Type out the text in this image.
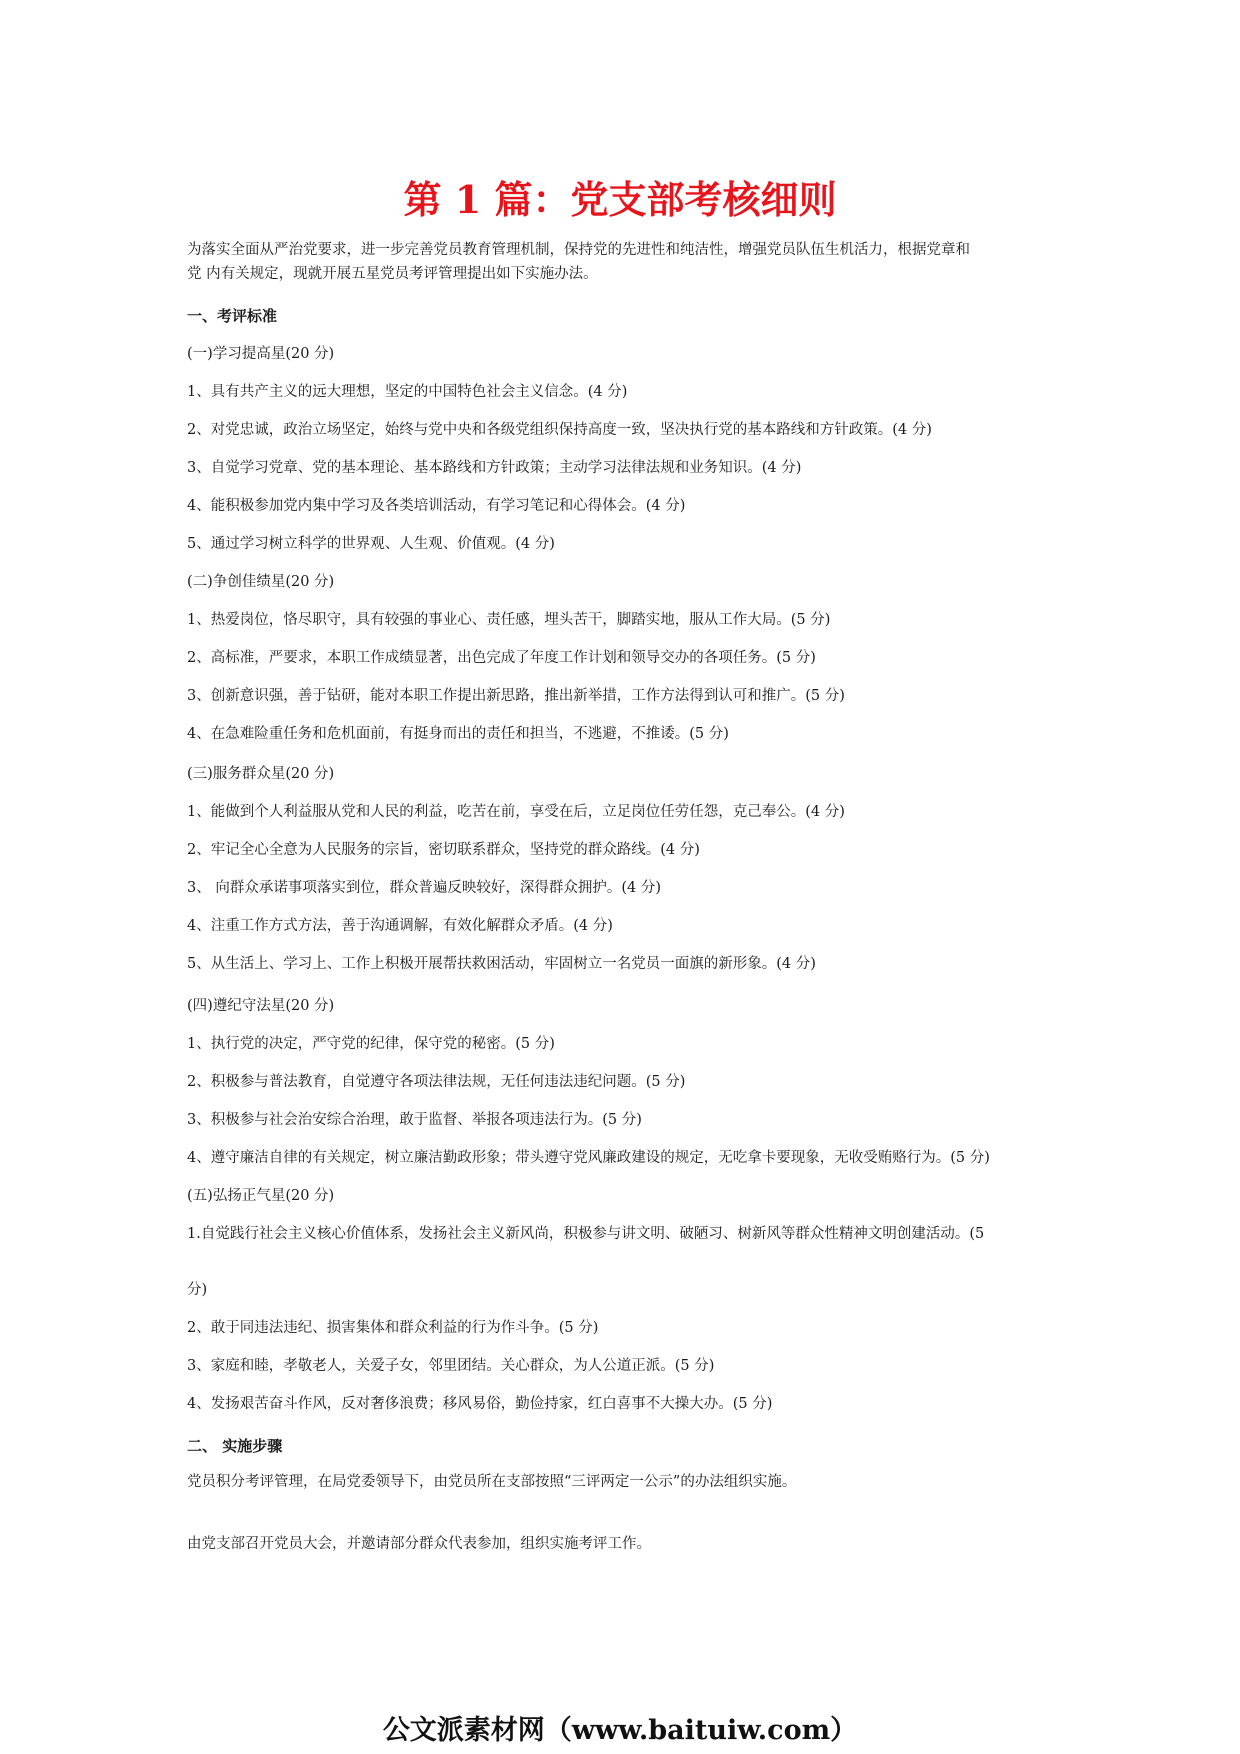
第 1 篇：党支部考核细则

为落实全面从严治党要求，进一步完善党员教育管理机制，保持党的先进性和纯洁性，增强党员队伍生机活力，根据党章和

党 内有关规定，现就开展五星党员考评管理提出如下实施办法。

一、考评标准

(一)学习提高星(20 分)

1、具有共产主义的远大理想，坚定的中国特色社会主义信念。(4 分)

2、对党忠诚，政治立场坚定，始终与党中央和各级党组织保持高度一致，坚决执行党的基本路线和方针政策。(4 分)

3、自觉学习党章、党的基本理论、基本路线和方针政策；主动学习法律法规和业务知识。(4 分)

4、能积极参加党内集中学习及各类培训活动，有学习笔记和心得体会。(4 分)

5、通过学习树立科学的世界观、人生观、价值观。(4 分)

(二)争创佳绩星(20 分)

1、热爱岗位，恪尽职守，具有较强的事业心、责任感，埋头苦干，脚踏实地，服从工作大局。(5 分)

2、高标准，严要求，本职工作成绩显著，出色完成了年度工作计划和领导交办的各项任务。(5 分)

3、创新意识强，善于钻研，能对本职工作提出新思路，推出新举措，工作方法得到认可和推广。(5 分)

4、在急难险重任务和危机面前，有挺身而出的责任和担当，不逃避，不推诿。(5 分)

(三)服务群众星(20 分)

1、能做到个人利益服从党和人民的利益，吃苦在前，享受在后，立足岗位任劳任怨，克己奉公。(4 分)

2、牢记全心全意为人民服务的宗旨，密切联系群众，坚持党的群众路线。(4 分)

3、 向群众承诺事项落实到位，群众普遍反映较好，深得群众拥护。(4 分)

4、注重工作方式方法，善于沟通调解，有效化解群众矛盾。(4 分)

5、从生活上、学习上、工作上积极开展帮扶救困活动，牢固树立一名党员一面旗的新形象。(4 分)

(四)遵纪守法星(20 分)

1、执行党的决定，严守党的纪律，保守党的秘密。(5 分)

2、积极参与普法教育，自觉遵守各项法律法规，无任何违法违纪问题。(5 分)

3、积极参与社会治安综合治理，敢于监督、举报各项违法行为。(5 分)

4、遵守廉洁自律的有关规定，树立廉洁勤政形象；带头遵守党风廉政建设的规定，无吃拿卡要现象，无收受贿赂行为。(5 分)

(五)弘扬正气星(20 分)

1.自觉践行社会主义核心价值体系，发扬社会主义新风尚，积极参与讲文明、破陋习、树新风等群众性精神文明创建活动。(5

分)

2、敢于同违法违纪、损害集体和群众利益的行为作斗争。(5 分)

3、家庭和睦，孝敬老人，关爱子女，邻里团结。关心群众，为人公道正派。(5 分)

4、发扬艰苦奋斗作风，反对奢侈浪费；移风易俗，勤俭持家，红白喜事不大操大办。(5 分)

二、 实施步骤

党员积分考评管理，在局党委领导下，由党员所在支部按照“三评两定一公示”的办法组织实施。

由党支部召开党员大会，并邀请部分群众代表参加，组织实施考评工作。

公文派素材网（www.baituiw.com）
